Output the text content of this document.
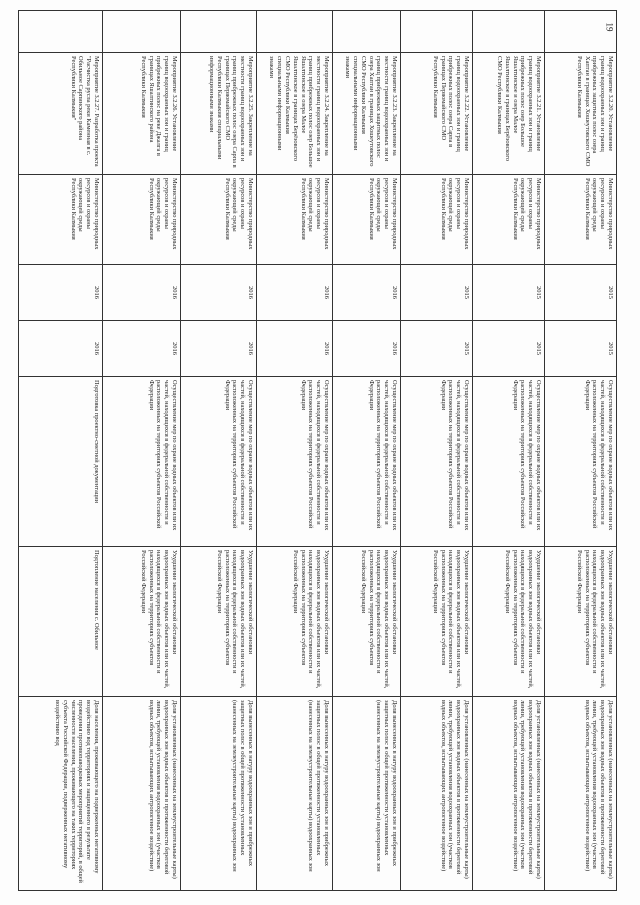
	Мероприятие 3.2.20. Установление границ водоохранных зон и границ прибрежных защитных полос озера Хаптан в границах Хошеутовского СМО Республики Калмыкия	Министерство природных ресурсов и охраны окружающей среды Республики Калмыкия	2015	2015	Осуществление мер по охране водных объектов или их частей, находящихся в федеральной собственности и расположенных на территориях субъектов Российской Федерации	Ухудшение экологической обстановки водоохранных зон водных объектов или их частей, находящихся в федеральной собственности и расположенных на территориях субъектов Российской Федерации	Доля установленных (нанесенных на землеустроительные карты) водоохранных зон водных объектов в протяженности береговой линии, требующей установления водоохранных зон (участков водных объектов, испытывающих антропогенное воздействие)
	Мероприятие 3.2.21. Установление границ водоохранных зон и границ прибрежных полос озер Большое Яшалтинское и озера Малое Яшалтинское в границах Берёзовского СМО Республики Калмыкия	Министерство природных ресурсов и охраны окружающей среды Республики Калмыкия	2015	2015	Осуществление мер по охране водных объектов или их частей, находящихся в федеральной собственности и расположенных на территориях субъектов Российской Федерации	Ухудшение экологической обстановки водоохранных зон водных объектов или их частей, находящихся в федеральной собственности и расположенных на территориях субъектов Российской Федерации	Доля установленных (нанесенных на землеустроительные карты) водоохранных зон водных объектов в протяженности береговой линии, требующей установления водоохранных зон (участков водных объектов, испытывающих антропогенное воздействие)
	Мероприятие 3.2.22. Установление границ водоохранных зон и границ прибрежных полос озера Сарпа в границах Первомайского СМО Республики Калмыкия	Министерство природных ресурсов и охраны окружающей среды Республики Калмыкия	2015	2015	Осуществление мер по охране водных объектов или их частей, находящихся в федеральной собственности и расположенных на территориях субъектов Российской Федерации	Ухудшение экологической обстановки водоохранных зон водных объектов или их частей, находящихся в федеральной собственности и расположенных на территориях субъектов Российской Федерации	Доля установленных (нанесенных на землеустроительные карты) водоохранных зон водных объектов в протяженности береговой линии, требующей установления водоохранных зон (участков водных объектов, испытывающих антропогенное воздействие)
	Мероприятие 3.2.23. Закрепление на местности границ водоохранных зон и границ прибрежных защитных полос озера Хаптан в границах Хошеутовского СМО Республики Калмыкия специальными информационными знаками	Министерство природных ресурсов и охраны окружающей среды Республики Калмыкия	2016	2016	Осуществление мер по охране водных объектов или их частей, находящихся в федеральной собственности и расположенных на территориях субъектов Российской Федерации	Ухудшение экологической обстановки водоохранных зон водных объектов или их частей, находящихся в федеральной собственности и расположенных на территориях субъектов Российской Федерации	Доля вынесенных в натуру водоохранных зон и прибрежных защитных полос в общей протяженности установленных (нанесенных на землеустроительные карты) водоохранных зон
	Мероприятие 3.2.24. Закрепление на местности границ водоохранных зон и границ прибрежных полос озер Большое Яшалтинское и озера Малое Яшалтинское в границах Берёзовского СМО Республики Калмыкия специальными информационными знаками	Министерство природных ресурсов и охраны окружающей среды Республики Калмыкия	2016	2016	Осуществление мер по охране водных объектов или их частей, находящихся в федеральной собственности и расположенных на территориях субъектов Российской Федерации	Ухудшение экологической обстановки водоохранных зон водных объектов или их частей, находящихся в федеральной собственности и расположенных на территориях субъектов Российской Федерации	Доля вынесенных в натуру водоохранных зон и прибрежных защитных полос в общей протяженности установленных (нанесенных на землеустроительные карты) водоохранных зон
	Мероприятие 3.2.25. Закрепление на местности границ водоохранных зон и границ прибрежных полос озера Сарпа в границах Первомайского СМО Республики Калмыкия специальными информационными знаками	Министерство природных ресурсов и охраны окружающей среды Республики Калмыкия	2016	2016	Осуществление мер по охране водных объектов или их частей, находящихся в федеральной собственности и расположенных на территориях субъектов Российской Федерации	Ухудшение экологической обстановки водоохранных зон водных объектов или их частей, находящихся в федеральной собственности и расположенных на территориях субъектов Российской Федерации	Доля вынесенных в натуру водоохранных зон и прибрежных защитных полос в общей протяженности установленных (нанесенных на землеустроительные карты) водоохранных зон
	Мероприятие 3.2.26. Установление границ водоохранных зон и границ прибрежных полос на реке Джалга в границах Яшалтинского района Республики Калмыкия	Министерство природных ресурсов и охраны окружающей среды Республики Калмыкия	2016	2016	Осуществление мер по охране водных объектов или их частей, находящихся в федеральной собственности и расположенных на территориях субъектов Российской Федерации	Ухудшение экологической обстановки водоохранных зон водных объектов или их частей, находящихся в федеральной собственности и расположенных на территориях субъектов Российской Федерации	Доля установленных (нанесенных на землеустроительные карты) водоохранных зон водных объектов в протяженности береговой линии, требующей установления водоохранных зон (участков водных объектов, испытывающих антропогенное воздействие)
	Мероприятие 3.2.27. Разработка проекта "Расчистка русла реки Каменная в с. Обильное Сарпинского района Республики Калмыкия"	Министерство природных ресурсов и охраны окружающей среды Республики Калмыкия	2016	2016	Подготовка проектно-сметной документации	Подтопление населения с. Обильное	Доля населения, проживающего на подверженных негативному воздействию вод территориях и защищенного в результате проведения противопаводковых мероприятий территорий, в общей численности населения, проживающего на таких территориях субъекта Российской Федерации, подверженных негативному воздействию вод
19
